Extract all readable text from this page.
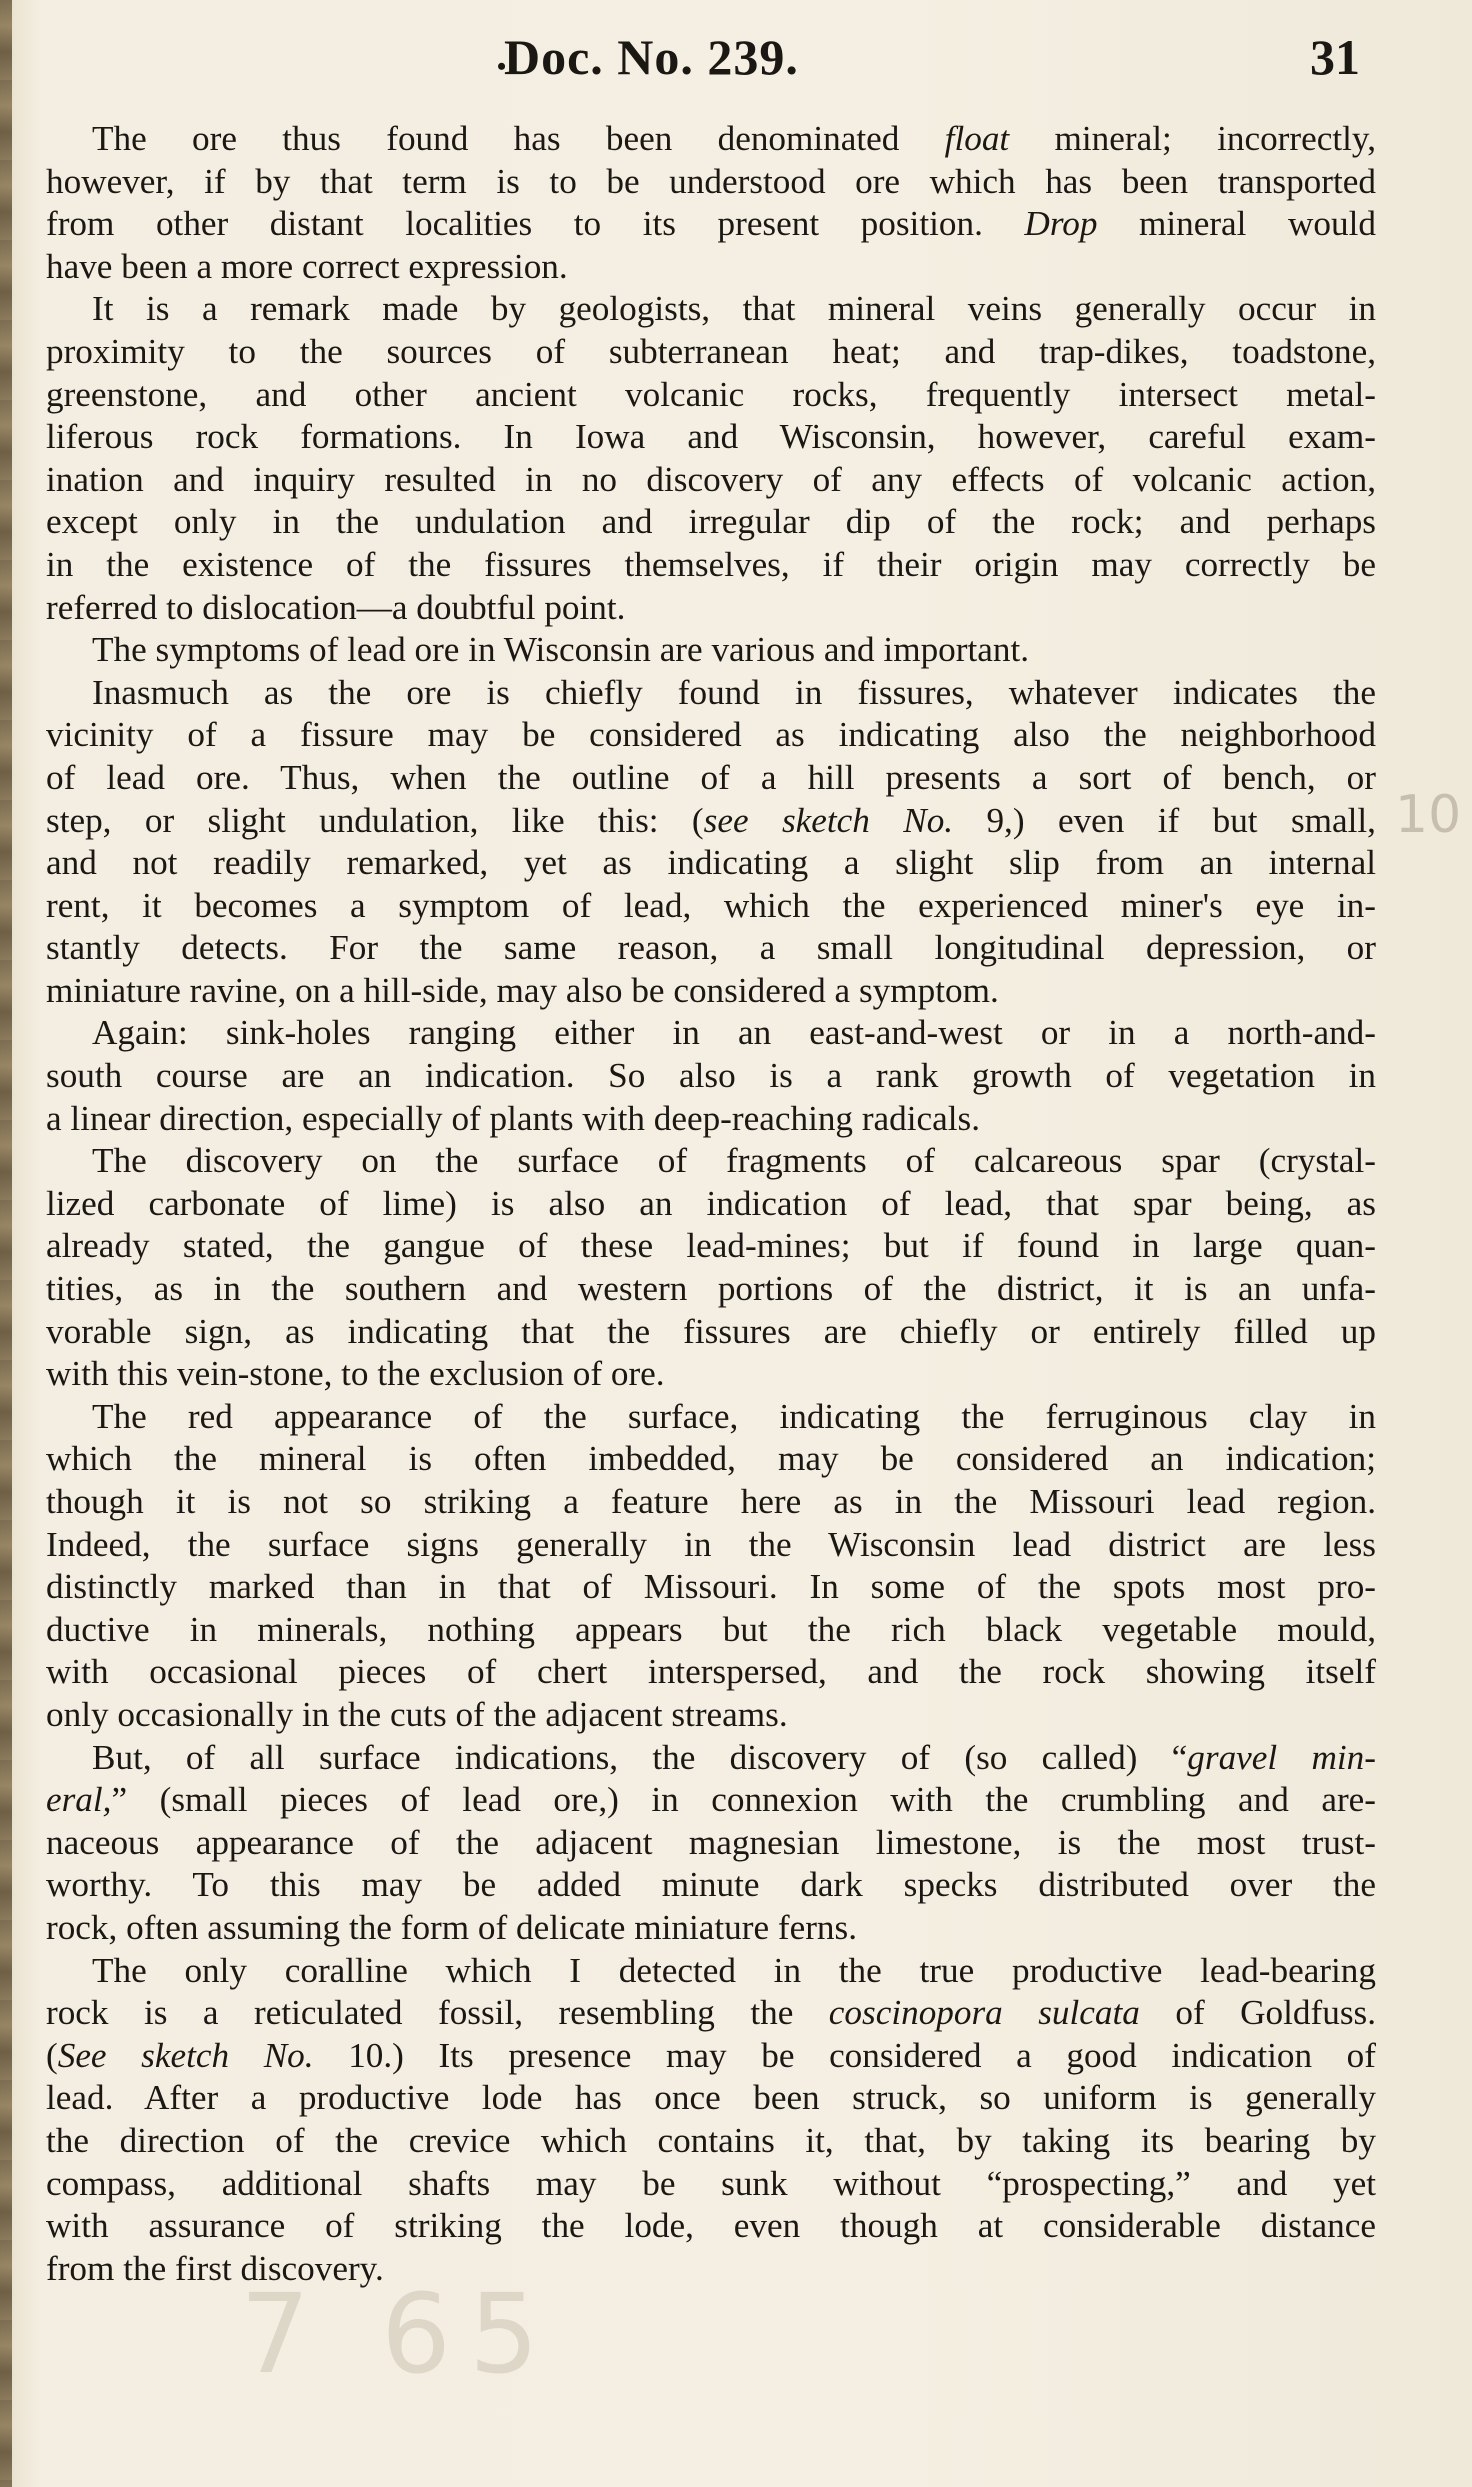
•
Doc. No. 239.	31
The ore thus found has been denominated float mineral; incorrectly,
however, if by that term is to be understood ore which has been transported
from other distant localities to its present position. Drop mineral would
have been a more correct expression.
It is a remark made by geologists, that mineral veins generally occur in
proximity to the sources of subterranean heat; and trap-dikes, toadstone,
greenstone, and other ancient volcanic rocks, frequently intersect metal-
liferous rock formations. In Iowa and Wisconsin, however, careful exam-
ination and inquiry resulted in no discovery of any effects of volcanic action,
except only in the undulation and irregular dip of the rock; and perhaps
in the existence of the fissures themselves, if their origin may correctly be
referred to dislocation—a doubtful point.
The symptoms of lead ore in Wisconsin are various and important.
Inasmuch as the ore is chiefly found in fissures, whatever indicates the
vicinity of a fissure may be considered as indicating also the neighborhood
of lead ore. Thus, when the outline of a hill presents a sort of bench, or
step, or slight undulation, like this: (see sketch No. 9,) even if but small,
and not readily remarked, yet as indicating a slight slip from an internal
rent, it becomes a symptom of lead, which the experienced miner's eye in-
stantly detects. For the same reason, a small longitudinal depression, or
miniature ravine, on a hill-side, may also be considered a symptom.
Again: sink-holes ranging either in an east-and-west or in a north-and-
south course are an indication. So also is a rank growth of vegetation in
a linear direction, especially of plants with deep-reaching radicals.
The discovery on the surface of fragments of calcareous spar (crystal-
lized carbonate of lime) is also an indication of lead, that spar being, as
already stated, the gangue of these lead-mines; but if found in large quan-
tities, as in the southern and western portions of the district, it is an unfa-
vorable sign, as indicating that the fissures are chiefly or entirely filled up
with this vein-stone, to the exclusion of ore.
The red appearance of the surface, indicating the ferruginous clay in
which the mineral is often imbedded, may be considered an indication;
though it is not so striking a feature here as in the Missouri lead region.
Indeed, the surface signs generally in the Wisconsin lead district are less
distinctly marked than in that of Missouri. In some of the spots most pro-
ductive in minerals, nothing appears but the rich black vegetable mould,
with occasional pieces of chert interspersed, and the rock showing itself
only occasionally in the cuts of the adjacent streams.
But, of all surface indications, the discovery of (so called) “gravel min-
eral,” (small pieces of lead ore,) in connexion with the crumbling and are-
naceous appearance of the adjacent magnesian limestone, is the most trust-
worthy. To this may be added minute dark specks distributed over the
rock, often assuming the form of delicate miniature ferns.
The only coralline which I detected in the true productive lead-bearing
rock is a reticulated fossil, resembling the coscinopora sulcata of Goldfuss.
(See sketch No. 10.) Its presence may be considered a good indication of
lead. After a productive lode has once been struck, so uniform is generally
the direction of the crevice which contains it, that, by taking its bearing by
compass, additional shafts may be sunk without “prospecting,” and yet
with assurance of striking the lode, even though at considerable distance
from the first discovery.
10
7 65
